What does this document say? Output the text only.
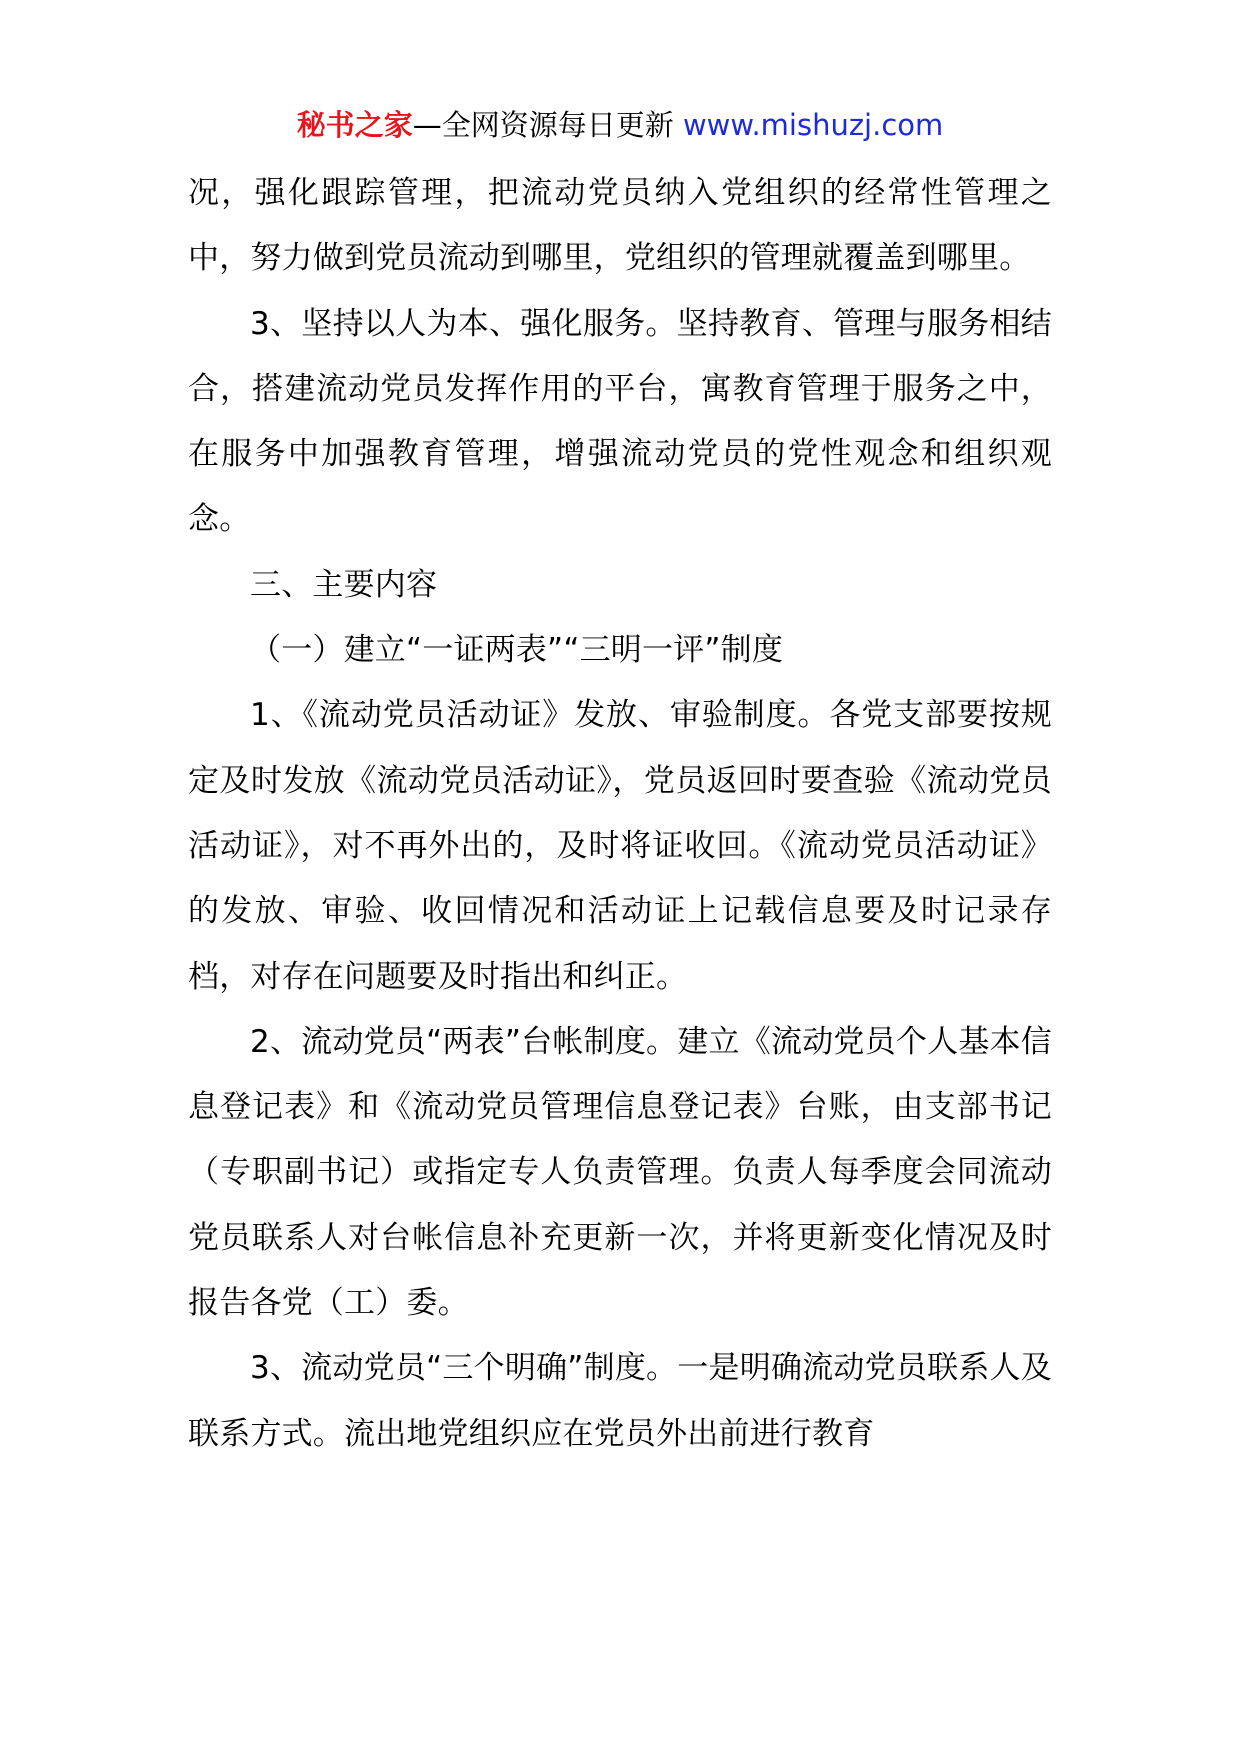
秘书之家—全网资源每日更新 www.mishuzj.com

况，强化跟踪管理，把流动党员纳入党组织的经常性管理之中，努力做到党员流动到哪里，党组织的管理就覆盖到哪里。

3、坚持以人为本、强化服务。坚持教育、管理与服务相结合，搭建流动党员发挥作用的平台，寓教育管理于服务之中，在服务中加强教育管理，增强流动党员的党性观念和组织观念。

三、主要内容

（一）建立“一证两表”“三明一评”制度

1、《流动党员活动证》发放、审验制度。各党支部要按规定及时发放《流动党员活动证》，党员返回时要查验《流动党员活动证》，对不再外出的，及时将证收回。《流动党员活动证》的发放、审验、收回情况和活动证上记载信息要及时记录存档，对存在问题要及时指出和纠正。

2、流动党员“两表”台帐制度。建立《流动党员个人基本信息登记表》和《流动党员管理信息登记表》台账，由支部书记（专职副书记）或指定专人负责管理。负责人每季度会同流动党员联系人对台帐信息补充更新一次，并将更新变化情况及时报告各党（工）委。

3、流动党员“三个明确”制度。一是明确流动党员联系人及联系方式。流出地党组织应在党员外出前进行教育
